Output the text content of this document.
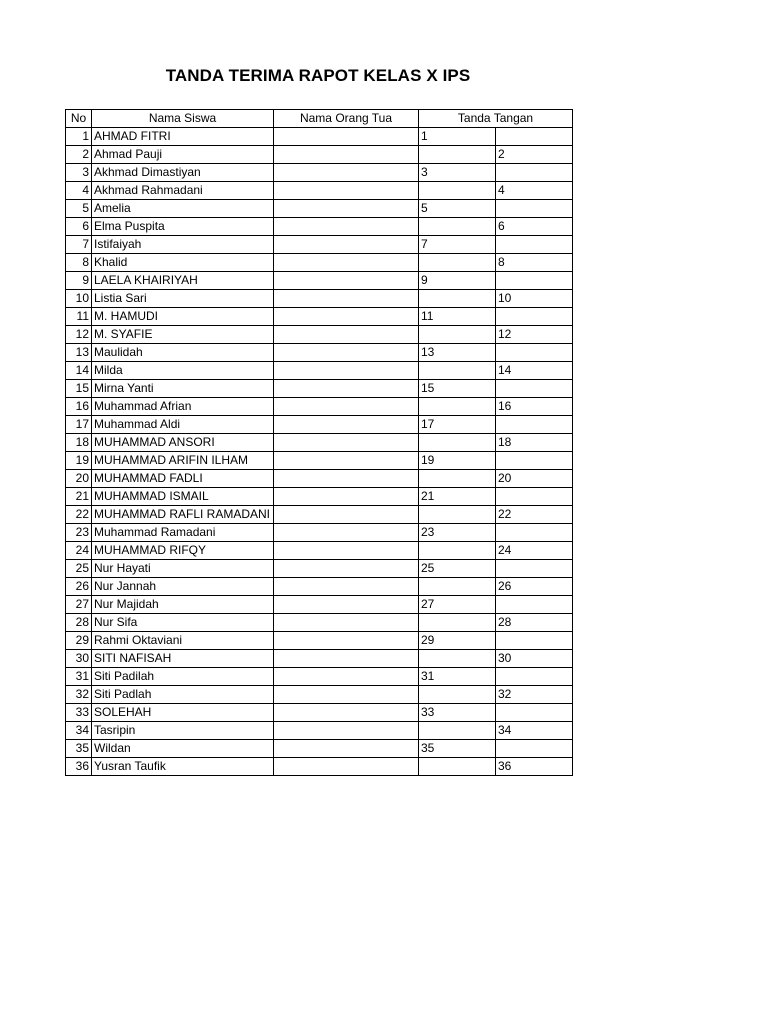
TANDA TERIMA RAPOT KELAS X IPS
No	Nama Siswa	Nama Orang Tua	Tanda Tangan	
1	AHMAD FITRI		1	
2	Ahmad Pauji			2
3	Akhmad Dimastiyan		3	
4	Akhmad Rahmadani			4
5	Amelia		5	
6	Elma Puspita			6
7	Istifaiyah		7	
8	Khalid			8
9	LAELA KHAIRIYAH		9	
10	Listia Sari			10
11	M. HAMUDI		11	
12	M. SYAFIE			12
13	Maulidah		13	
14	Milda			14
15	Mirna Yanti		15	
16	Muhammad Afrian			16
17	Muhammad Aldi		17	
18	MUHAMMAD ANSORI			18
19	MUHAMMAD ARIFIN ILHAM		19	
20	MUHAMMAD FADLI			20
21	MUHAMMAD ISMAIL		21	
22	MUHAMMAD RAFLI RAMADANI			22
23	Muhammad Ramadani		23	
24	MUHAMMAD RIFQY			24
25	Nur Hayati		25	
26	Nur Jannah			26
27	Nur Majidah		27	
28	Nur Sifa			28
29	Rahmi Oktaviani		29	
30	SITI NAFISAH			30
31	Siti Padilah		31	
32	Siti Padlah			32
33	SOLEHAH		33	
34	Tasripin			34
35	Wildan		35	
36	Yusran Taufik			36
